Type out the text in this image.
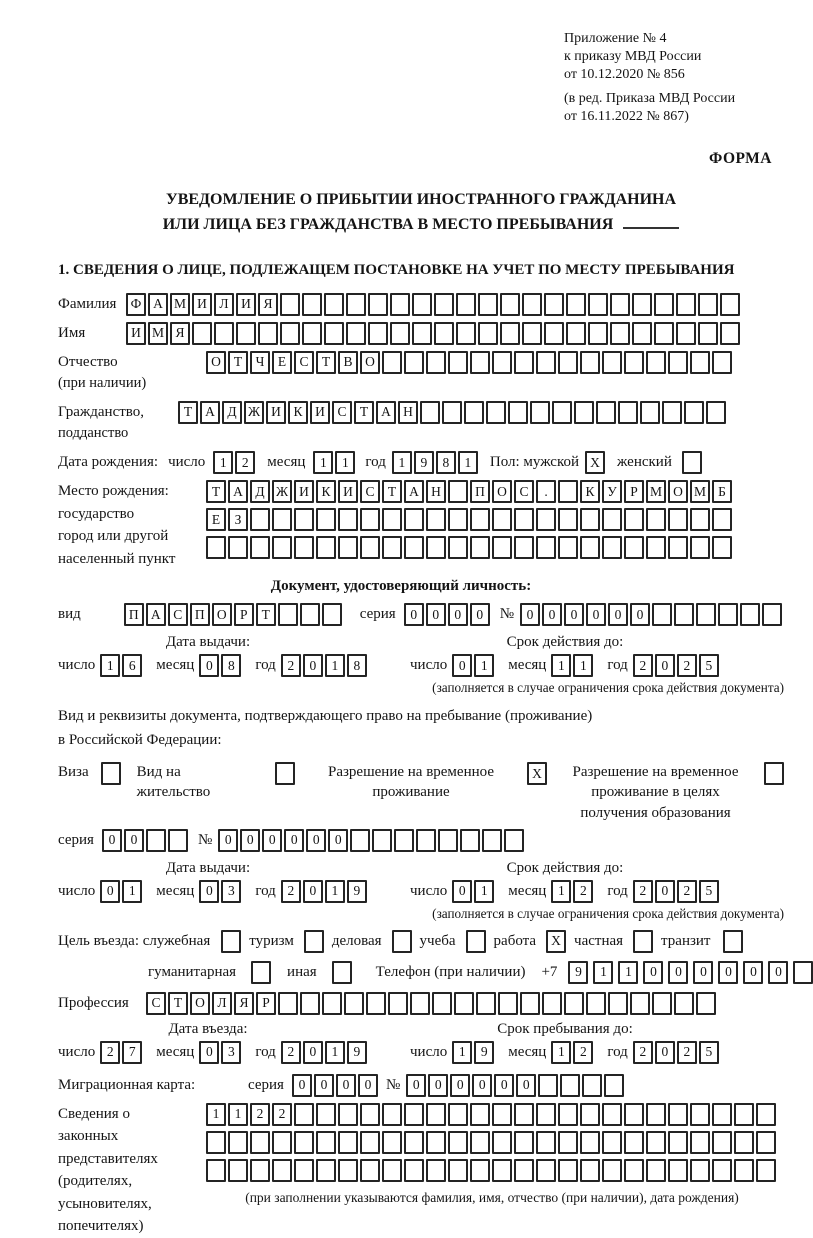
Приложение № 4
к приказу МВД России
от 10.12.2020 № 856
(в ред. Приказа МВД России
от 16.11.2022 № 867)
ФОРМА
УВЕДОМЛЕНИЕ О ПРИБЫТИИ ИНОСТРАННОГО ГРАЖДАНИНА
ИЛИ ЛИЦА БЕЗ ГРАЖДАНСТВА В МЕСТО ПРЕБЫВАНИЯ
1. СВЕДЕНИЯ О ЛИЦЕ, ПОДЛЕЖАЩЕМ ПОСТАНОВКЕ НА УЧЕТ ПО МЕСТУ ПРЕБЫВАНИЯ
Фамилия	Ф А М И Л И Я
Имя	И М Я
Отчество
(при наличии)
О Т Ч Е С Т В О
Гражданство,
подданство
Т А Д Ж И К И С Т А Н
Дата рождения: число	1	2	месяц	1	1	год 1	9	8	1	Пол: мужской X	женский
Место рождения:
государство
город или другой
населенный пункт
Т А Д Ж И К И С Т А Н	П О С	.	К У Р М О М Б
Е	З
Документ, удостоверяющий личность:
вид	П А С П О Р	Т	серия	0	0	0	0	№ 0	0	0	0	0	0
Дата выдачи:
число 1	6	месяц 0	8	год 2	0	1	8
Срок действия до:
число 0	1	месяц 1	1	год 2	0	2	5
(заполняется в случае ограничения срока действия документа)
Вид и реквизиты документа, подтверждающего право на пребывание (проживание)
в Российской Федерации:
Виза	Вид на жительство
Разрешение на временное проживание
X	Разрешение на временное проживание в целях получения образования
серия	0	0	№ 0	0	0	0	0	0
Дата выдачи:
число 0	1	месяц 0	3	год 2	0	1	9
Срок действия до:
число 0	1	месяц 1	2	год 2	0	2	5
(заполняется в случае ограничения срока действия документа)
Цель въезда: служебная	туризм	деловая	учеба	работа	X частная	транзит
гуманитарная	иная	Телефон (при наличии) +7	9	1	1	0	0	0	0	0	0
Профессия	С Т О Л Я	Р
Дата въезда:
число 2	7	месяц 0	3	год 2	0	1	9
Срок пребывания до:
число 1	9	месяц 1	2	год 2	0	2	5
Миграционная карта:	серия	0	0	0	0 № 0	0	0	0	0	0
Сведения о
законных
представителях
(родителях,
усыновителях,
попечителях)
1	1	2	2
(при заполнении указываются фамилия, имя, отчество (при наличии), дата рождения)
